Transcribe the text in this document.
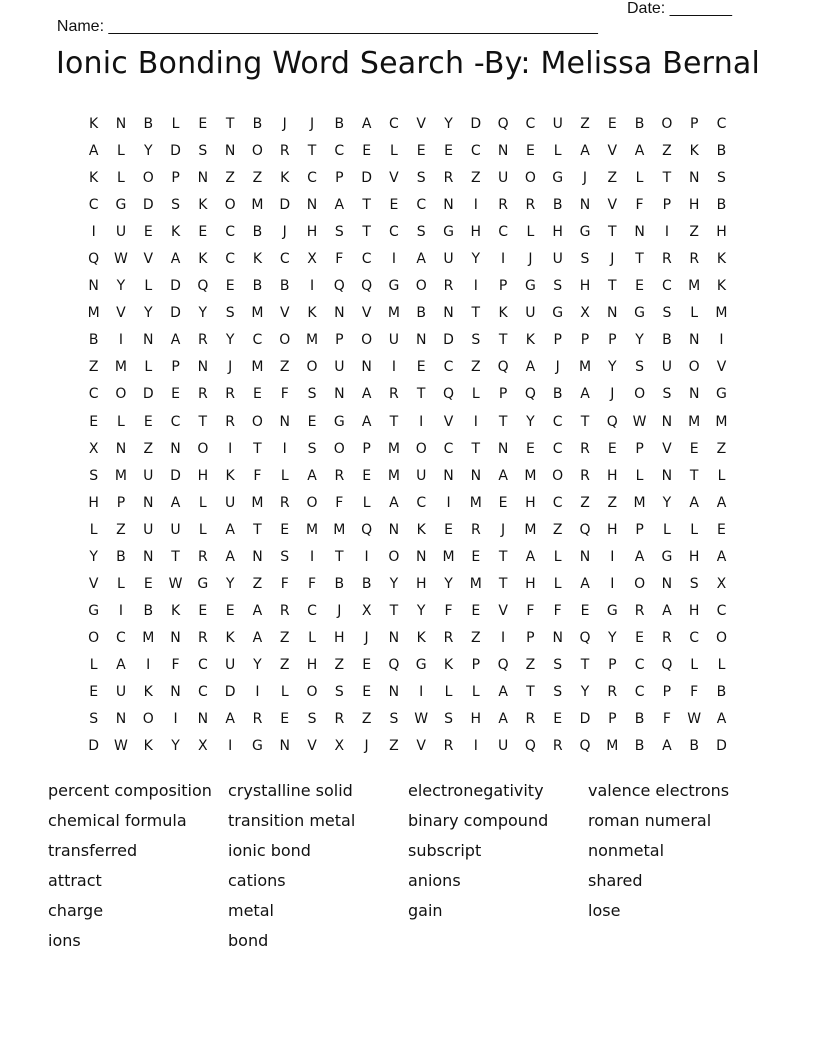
Name: _______________________________________________________

Date: _______

Ionic Bonding Word Search -By: Melissa Bernal
K	N	B	L	E	T	B	J	J	B	A	C	V	Y	D	Q	C	U	Z	E	B	O	P	C
A	L	Y	D	S	N	O	R	T	C	E	L	E	E	C	N	E	L	A	V	A	Z	K	B
K	L	O	P	N	Z	Z	K	C	P	D	V	S	R	Z	U	O	G	J	Z	L	T	N	S
C	G	D	S	K	O	M	D	N	A	T	E	C	N	I	R	R	B	N	V	F	P	H	B
I	U	E	K	E	C	B	J	H	S	T	C	S	G	H	C	L	H	G	T	N	I	Z	H
Q	W	V	A	K	C	K	C	X	F	C	I	A	U	Y	I	J	U	S	J	T	R	R	K
N	Y	L	D	Q	E	B	B	I	Q	Q	G	O	R	I	P	G	S	H	T	E	C	M	K
M	V	Y	D	Y	S	M	V	K	N	V	M	B	N	T	K	U	G	X	N	G	S	L	M
B	I	N	A	R	Y	C	O	M	P	O	U	N	D	S	T	K	P	P	P	Y	B	N	I
Z	M	L	P	N	J	M	Z	O	U	N	I	E	C	Z	Q	A	J	M	Y	S	U	O	V
C	O	D	E	R	R	E	F	S	N	A	R	T	Q	L	P	Q	B	A	J	O	S	N	G
E	L	E	C	T	R	O	N	E	G	A	T	I	V	I	T	Y	C	T	Q	W	N	M	M
X	N	Z	N	O	I	T	I	S	O	P	M	O	C	T	N	E	C	R	E	P	V	E	Z
S	M	U	D	H	K	F	L	A	R	E	M	U	N	N	A	M	O	R	H	L	N	T	L
H	P	N	A	L	U	M	R	O	F	L	A	C	I	M	E	H	C	Z	Z	M	Y	A	A
L	Z	U	U	L	A	T	E	M	M	Q	N	K	E	R	J	M	Z	Q	H	P	L	L	E
Y	B	N	T	R	A	N	S	I	T	I	O	N	M	E	T	A	L	N	I	A	G	H	A
V	L	E	W	G	Y	Z	F	F	B	B	Y	H	Y	M	T	H	L	A	I	O	N	S	X
G	I	B	K	E	E	A	R	C	J	X	T	Y	F	E	V	F	F	E	G	R	A	H	C
O	C	M	N	R	K	A	Z	L	H	J	N	K	R	Z	I	P	N	Q	Y	E	R	C	O
L	A	I	F	C	U	Y	Z	H	Z	E	Q	G	K	P	Q	Z	S	T	P	C	Q	L	L
E	U	K	N	C	D	I	L	O	S	E	N	I	L	L	A	T	S	Y	R	C	P	F	B
S	N	O	I	N	A	R	E	S	R	Z	S	W	S	H	A	R	E	D	P	B	F	W	A
D	W	K	Y	X	I	G	N	V	X	J	Z	V	R	I	U	Q	R	Q	M	B	A	B	D
percent composition	crystalline solid	electronegativity	valence electrons
chemical formula	transition metal	binary compound	roman numeral
transferred	ionic bond	subscript	nonmetal
attract	cations	anions	shared
charge	metal	gain	lose
ions	bond
